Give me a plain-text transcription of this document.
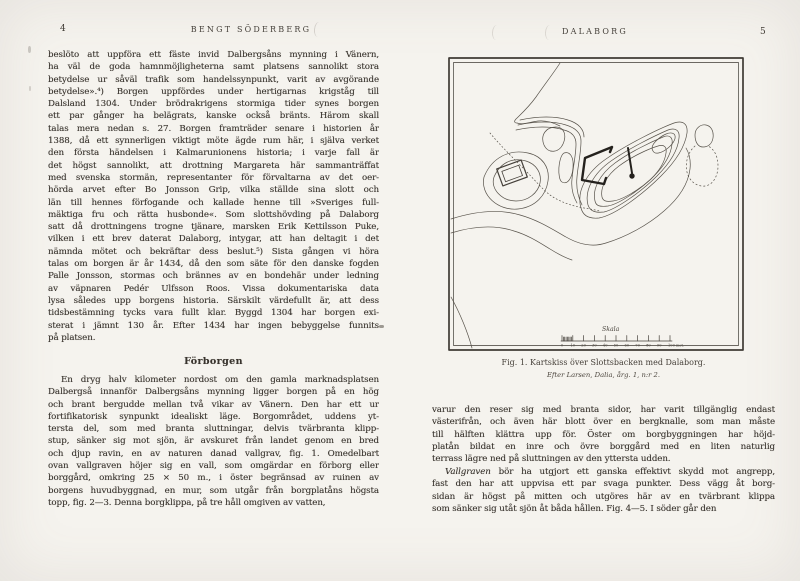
4	BENGT SÖDERBERG
beslöto att uppföra ett fäste invid Dalbergsåns mynning i Vänern,
ha väl de goda hamnmöjligheterna samt platsens sannolikt stora
betydelse ur såväl trafik som handelssynpunkt, varit av avgörande
betydelse».⁴) Borgen uppfördes under hertigarnas krigståg till
Dalsland 1304. Under brödrakrigens stormiga tider synes borgen
ett par gånger ha belägrats, kanske också bränts. Härom skall
talas mera nedan s. 27. Borgen framträder senare i historien år
1388, då ett synnerligen viktigt möte ägde rum här, i själva verket
den första händelsen i Kalmarunionens historia; i varje fall är
det högst sannolikt, att drottning Margareta här sammanträffat
med svenska stormän, representanter för förvaltarna av det oer-
hörda arvet efter Bo Jonsson Grip, vilka ställde sina slott och
län till hennes förfogande och kallade henne till »Sveriges full-
mäktiga fru och rätta husbonde«. Som slottshövding på Dalaborg
satt då drottningens trogne tjänare, marsken Erik Kettilsson Puke,
vilken i ett brev daterat Dalaborg, intygar, att han deltagit i det
nämnda mötet och bekräftar dess beslut.⁵) Sista gången vi höra
talas om borgen är år 1434, då den som säte för den danske fogden
Palle Jonsson, stormas och brännes av en bondehär under ledning
av väpnaren Pedér Ulfsson Roos. Vissa dokumentariska data
lysa således upp borgens historia. Särskilt värdefullt är, att dess
tidsbestämning tycks vara fullt klar. Byggd 1304 har borgen exi-
sterat i jämnt 130 år. Efter 1434 har ingen bebyggelse funnits
på platsen.
Förborgen
En dryg halv kilometer nordost om den gamla marknadsplatsen
Dalbergså innanför Dalbergsåns mynning ligger borgen på en hög
och brant bergudde mellan två vikar av Vänern. Den har ett ur
fortifikatorisk synpunkt idealiskt läge. Borgområdet, uddens yt-
tersta del, som med branta sluttningar, delvis tvärbranta klipp-
stup, sänker sig mot sjön, är avskuret från landet genom en bred
och djup ravin, en av naturen danad vallgrav, fig. 1. Omedelbart
ovan vallgraven höjer sig en vall, som omgärdar en förborg eller
borggård, omkring 25 × 50 m., i öster begränsad av ruinen av
borgens huvudbyggnad, en mur, som utgår från borgplatåns högsta
topp, fig. 2—3. Denna borgklippa, på tre håll omgiven av vatten,
DALABORG	5
Skala
0 10 20 30 40 50 60 70 80 90 100 met.
Fig. 1. Kartskiss över Slottsbacken med Dalaborg.
Efter Larsen, Dalia, årg. 1, n:r 2.
varur den reser sig med branta sidor, har varit tillgänglig endast
västerifrån, och även här blott över en bergknalle, som man måste
till hälften klättra upp för. Öster om borgbyggningen har höjd-
platån bildat en inre och övre borggård med en liten naturlig
terrass lägre ned på sluttningen av den yttersta udden.
Vallgraven bör ha utgjort ett ganska effektivt skydd mot angrepp,
fast den har att uppvisa ett par svaga punkter. Dess vägg åt borg-
sidan är högst på mitten och utgöres här av en tvärbrant klippa
som sänker sig utåt sjön åt båda hållen. Fig. 4—5. I söder går den
